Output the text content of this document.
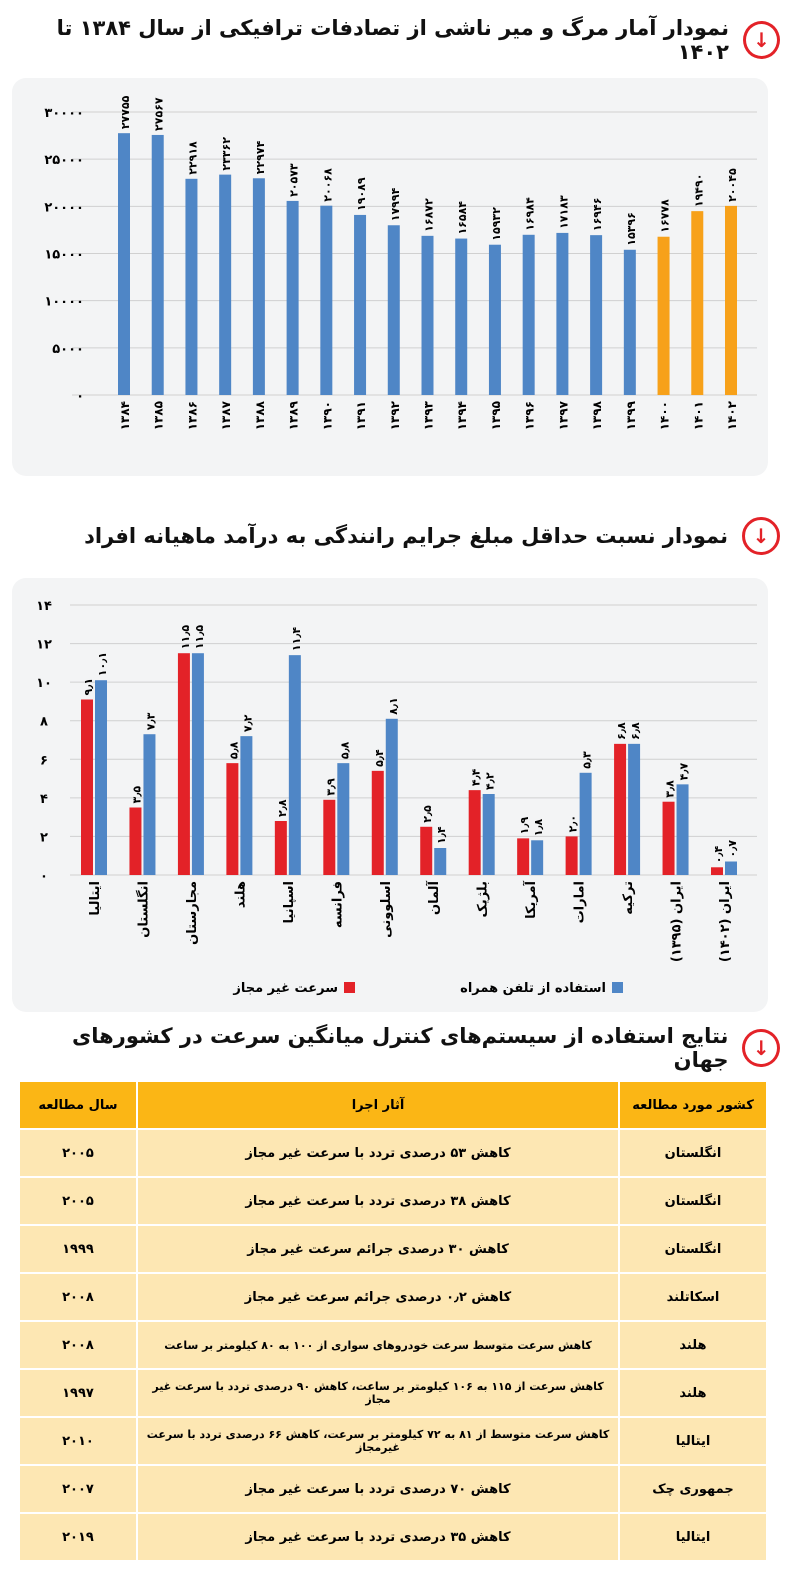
نمودار آمار مرگ و میر ناشی از تصادفات ترافیکی از سال ۱۳۸۴ تا ۱۴۰۲	↓
۰
۵۰۰۰
۱۰۰۰۰
۱۵۰۰۰
۲۰۰۰۰
۲۵۰۰۰
۳۰۰۰۰	۲۷۷۵۵
۱۳۸۴
۲۷۵۶۷
۱۳۸۵
۲۲۹۱۸
۱۳۸۶
۲۳۳۶۲
۱۳۸۷
۲۲۹۷۴
۱۳۸۸
۲۰۵۷۳
۱۳۸۹
۲۰۰۶۸
۱۳۹۰
۱۹۰۸۹
۱۳۹۱
۱۷۹۹۴
۱۳۹۲
۱۶۸۷۲
۱۳۹۳
۱۶۵۸۴
۱۳۹۴
۱۵۹۳۲
۱۳۹۵
۱۶۹۸۴
۱۳۹۶
۱۷۱۸۳
۱۳۹۷
۱۶۹۴۶
۱۳۹۸
۱۵۳۹۶
۱۳۹۹
۱۶۷۷۸
۱۴۰۰
۱۹۴۹۰
۱۴۰۱
۲۰۰۴۵
۱۴۰۲
نمودار نسبت حداقل مبلغ جرایم رانندگی به درآمد ماهیانه افراد	↓
۰
۲
۴
۶
۸
۱۰
۱۲
۱۴
۹٫۱
۱۰٫۱
ایتالیا
۳٫۵
۷٫۳
انگلستان
۱۱٫۵ ۱۱٫۵
مجارستان
۵٫۸
۷٫۲
هلند
۲٫۸
۱۱٫۴
اسپانیا
۳٫۹
۵٫۸
فرانسه
۵٫۴
۸٫۱
اسلوونی
۲٫۵
۱٫۴
آلمان
۴٫۴ ۴٫۲
بلژیک
۱٫۹ ۱٫۸
آمریکا
۲٫۰
۵٫۳
امارات
۶٫۸ ۶٫۸
ترکیه
۳٫۸
۴٫۷
ایران (۱۳۹۵)
۰٫۴ ۰٫۷
ایران (۱۴۰۲)
استفاده از تلفن همراه
سرعت غیر مجاز
نتایج استفاده از سیستم‌های کنترل میانگین سرعت در کشورهای جهان	↓
کشور مورد مطالعه	آثار اجرا	سال مطالعه
انگلستان	کاهش ۵۳ درصدی تردد با سرعت غیر مجاز	۲۰۰۵
انگلستان	کاهش ۳۸ درصدی تردد با سرعت غیر مجاز	۲۰۰۵
انگلستان	کاهش ۳۰ درصدی جرائم سرعت غیر مجاز	۱۹۹۹
اسکاتلند	کاهش ۰٫۲ درصدی جرائم سرعت غیر مجاز	۲۰۰۸
هلند	کاهش سرعت متوسط سرعت خودروهای سواری از ۱۰۰ به ۸۰ کیلومتر بر ساعت	۲۰۰۸
هلند	کاهش سرعت از ۱۱۵ به ۱۰۶ کیلومتر بر ساعت، کاهش ۹۰ درصدی تردد با سرعت غیر مجاز	۱۹۹۷
ایتالیا	کاهش سرعت متوسط از ۸۱ به ۷۲ کیلومتر بر سرعت، کاهش ۶۶ درصدی تردد با سرعت غیرمجاز	۲۰۱۰
جمهوری چک	کاهش ۷۰ درصدی تردد با سرعت غیر مجاز	۲۰۰۷
ایتالیا	کاهش ۳۵ درصدی تردد با سرعت غیر مجاز	۲۰۱۹
